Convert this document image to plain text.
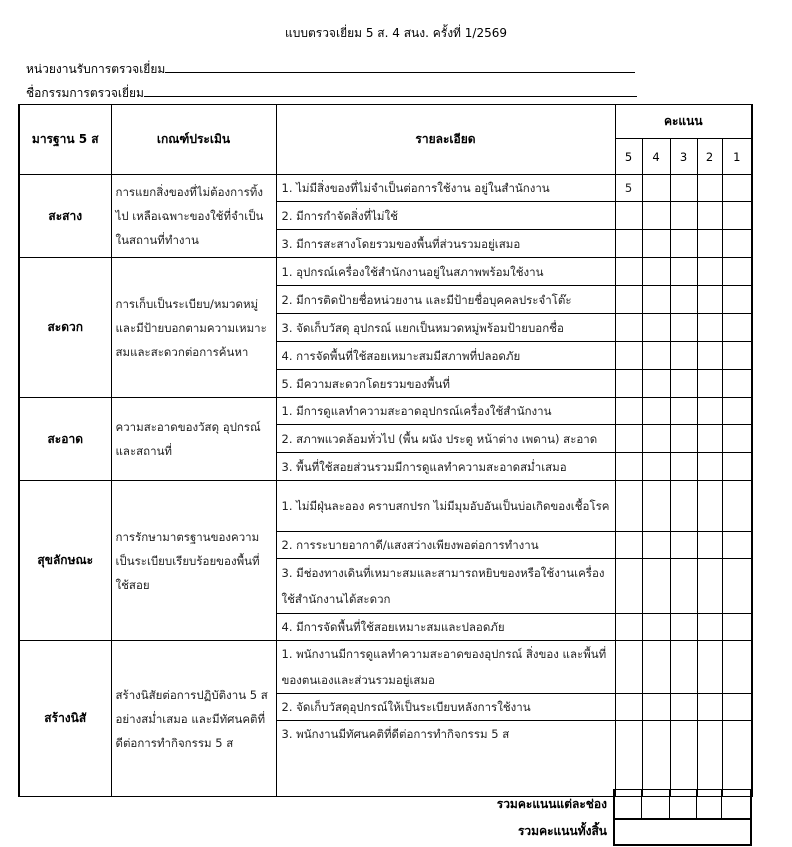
แบบตรวจเยี่ยม 5 ส. 4 สนง. ครั้งที่ 1/2569
หน่วยงานรับการตรวจเยี่ยม
ชื่อกรรมการตรวจเยี่ยม
มารฐาน 5 ส	เกณฑ์ประเมิน	รายละเอียด	คะแนน				
			5	4	3	2	1
สะสาง	การแยกสิ่งของที่ไม่ต้องการทิ้งไป เหลือเฉพาะของใช้ที่จำเป็นในสถานที่ทำงาน	1. ไม่มีสิ่งของที่ไม่จำเป็นต่อการใช้งาน อยู่ในสำนักงาน	5				
		2. มีการกำจัดสิ่งที่ไม่ใช้					
		3. มีการสะสางโดยรวมของพื้นที่ส่วนรวมอยู่เสมอ					
สะดวก	การเก็บเป็นระเบียบ/หมวดหมู่และมีป้ายบอกตามความเหมาะสมและสะดวกต่อการค้นหา	1. อุปกรณ์เครื่องใช้สำนักงานอยู่ในสภาพพร้อมใช้งาน					
		2. มีการติดป้ายชื่อหน่วยงาน และมีป้ายชื่อบุคคลประจำโต๊ะ					
		3. จัดเก็บวัสดุ อุปกรณ์ แยกเป็นหมวดหมู่พร้อมป้ายบอกชื่อ					
		4. การจัดพื้นที่ใช้สอยเหมาะสมมีสภาพที่ปลอดภัย					
		5. มีความสะดวกโดยรวมของพื้นที่					
สะอาด	ความสะอาดของวัสดุ อุปกรณ์และสถานที่	1. มีการดูแลทำความสะอาดอุปกรณ์เครื่องใช้สำนักงาน					
		2. สภาพแวดล้อมทั่วไป (พื้น ผนัง ประตู หน้าต่าง เพดาน) สะอาด					
		3. พื้นที่ใช้สอยส่วนรวมมีการดูแลทำความสะอาดสม่ำเสมอ					
สุขลักษณะ	การรักษามาตรฐานของความเป็นระเบียบเรียบร้อยของพื้นที่ใช้สอย	1. ไม่มีฝุ่นละออง คราบสกปรก ไม่มีมุมอับอันเป็นบ่อเกิดของเชื้อโรค					
		2. การระบายอากาดี/แสงสว่างเพียงพอต่อการทำงาน					
		3. มีช่องทางเดินที่เหมาะสมและสามารถหยิบของหรือใช้งานเครื่อง ใช้สำนักงานได้สะดวก					
		4. มีการจัดพื้นที่ใช้สอยเหมาะสมและปลอดภัย					
สร้างนิสั	สร้างนิสัยต่อการปฏิบัติงาน 5 ส อย่างสม่ำเสมอ และมีทัศนคติที่ดีต่อการทำกิจกรรม 5 ส	1. พนักงานมีการดูแลทำความสะอาดของอุปกรณ์ สิ่งของ และพื้นที่ของตนเองและส่วนรวมอยู่เสมอ					
		2. จัดเก็บวัสดุอุปกรณ์ให้เป็นระเบียบหลังการใช้งาน					
		3. พนักงานมีทัศนคติที่ดีต่อการทำกิจกรรม 5 ส					
รวมคะแนนแต่ละช่อง					
รวมคะแนนทั้งสิ้น					
